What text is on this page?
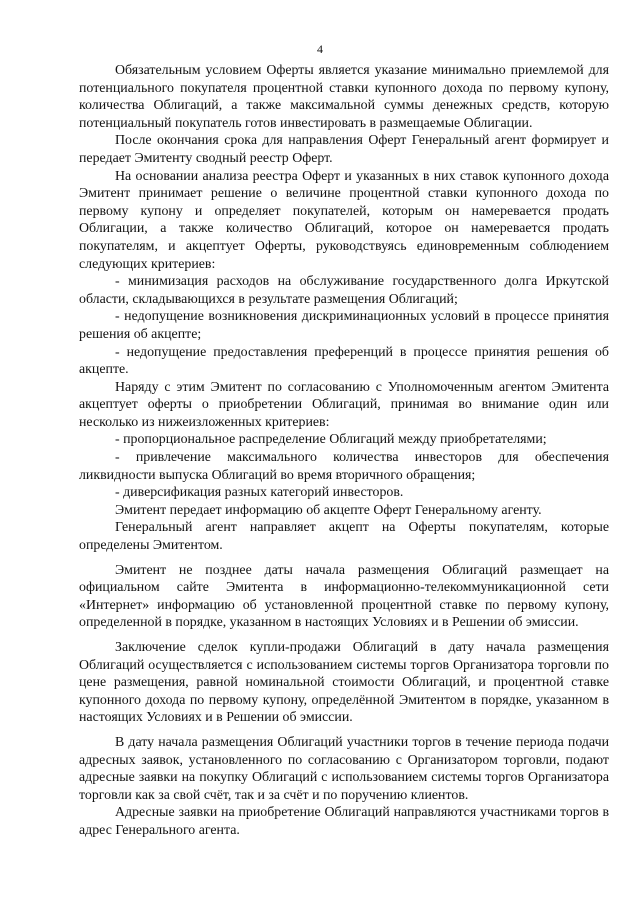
4

Обязательным условием Оферты является указание минимально приемлемой для потенциального покупателя процентной ставки купонного дохода по первому купону, количества Облигаций, а также максимальной суммы денежных средств, которую потенциальный покупатель готов инвестировать в размещаемые Облигации.

После окончания срока для направления Оферт Генеральный агент формирует и передает Эмитенту сводный реестр Оферт.

На основании анализа реестра Оферт и указанных в них ставок купонного дохода Эмитент принимает решение о величине процентной ставки купонного дохода по первому купону и определяет покупателей, которым он намеревается продать Облигации, а также количество Облигаций, которое он намеревается продать покупателям, и акцептует Оферты, руководствуясь единовременным соблюдением следующих критериев:

- минимизация расходов на обслуживание государственного долга Иркутской области, складывающихся в результате размещения Облигаций;

- недопущение возникновения дискриминационных условий в процессе принятия решения об акцепте;

- недопущение предоставления преференций в процессе принятия решения об акцепте.

Наряду с этим Эмитент по согласованию с Уполномоченным агентом Эмитента акцептует оферты о приобретении Облигаций, принимая во внимание один или несколько из нижеизложенных критериев:

- пропорциональное распределение Облигаций между приобретателями;

- привлечение максимального количества инвесторов для обеспечения ликвидности выпуска Облигаций во время вторичного обращения;

- диверсификация разных категорий инвесторов.

Эмитент передает информацию об акцепте Оферт Генеральному агенту.

Генеральный агент направляет акцепт на Оферты покупателям, которые определены Эмитентом.

Эмитент не позднее даты начала размещения Облигаций размещает на официальном сайте Эмитента в информационно-телекоммуникационной сети «Интернет» информацию об установленной процентной ставке по первому купону, определенной в порядке, указанном в настоящих Условиях и в Решении об эмиссии.

Заключение сделок купли-продажи Облигаций в дату начала размещения Облигаций осуществляется с использованием системы торгов Организатора торговли по цене размещения, равной номинальной стоимости Облигаций, и процентной ставке купонного дохода по первому купону, определённой Эмитентом в порядке, указанном в настоящих Условиях и в Решении об эмиссии.

В дату начала размещения Облигаций участники торгов в течение периода подачи адресных заявок, установленного по согласованию с Организатором торговли, подают адресные заявки на покупку Облигаций с использованием системы торгов Организатора торговли как за свой счёт, так и за счёт и по поручению клиентов.

Адресные заявки на приобретение Облигаций направляются участниками торгов в адрес Генерального агента.
